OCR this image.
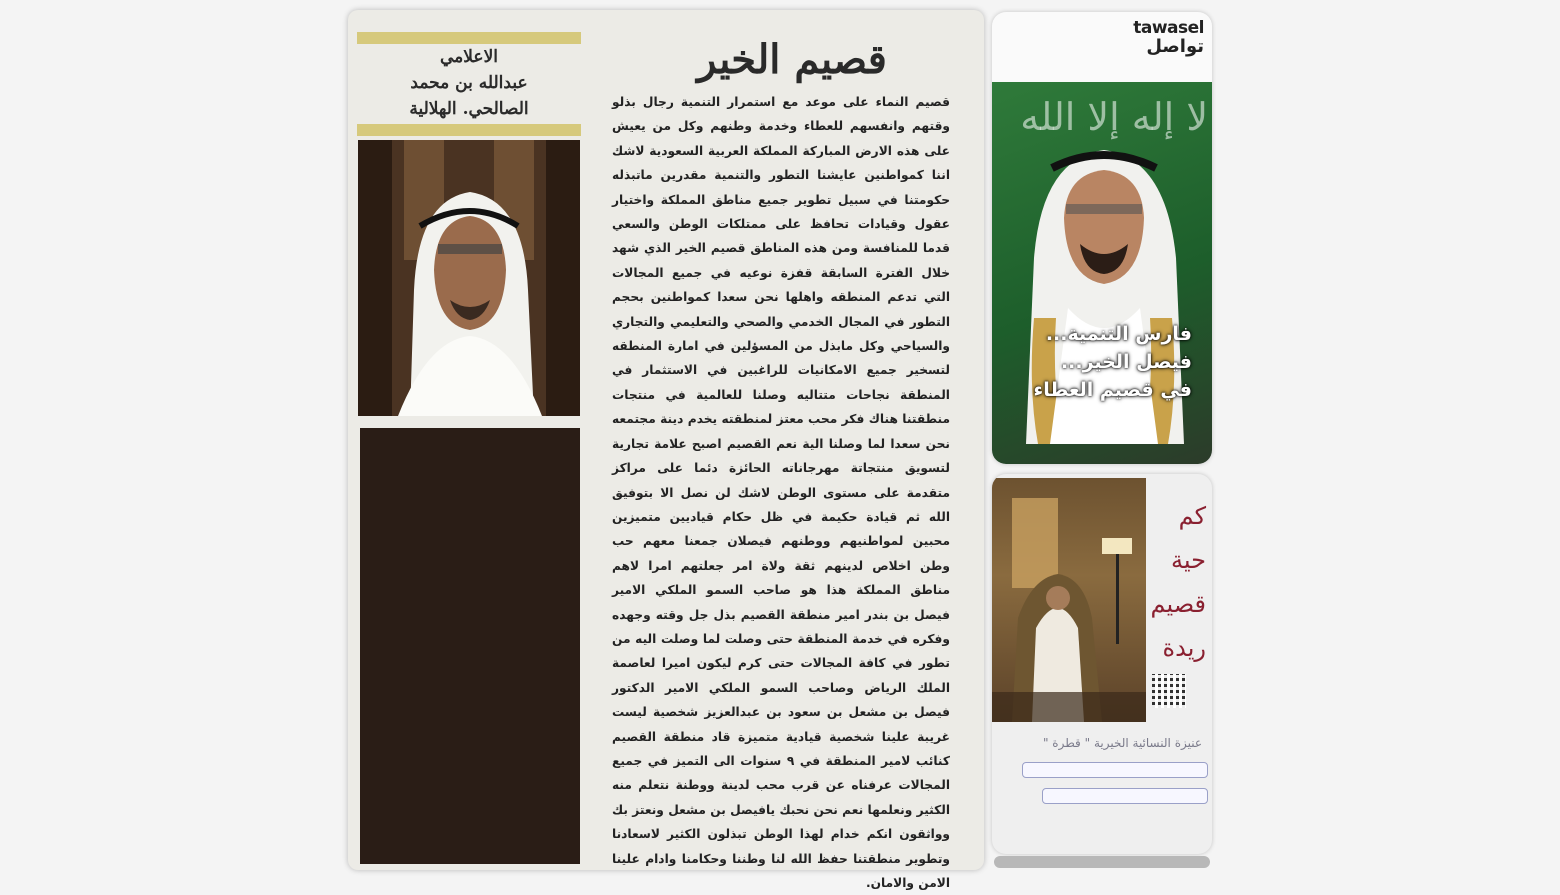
قصيم الخير

قصيم النماء على موعد مع استمرار التنمية رجال بذلو وقتهم وانفسهم للعطاء وخدمة وطنهم وكل من يعيش على هذه الارض المباركة المملكة العربية السعودية لاشك اننا كمواطنين عايشنا التطور والتنمية مقدرين ماتبذله حكومتنا في سبيل تطوير جميع مناطق المملكة واختيار عقول وقيادات تحافظ على ممتلكات الوطن والسعي قدما للمنافسة ومن هذه المناطق قصيم الخير الذي شهد خلال الفترة السابقة قفزة نوعيه في جميع المجالات التي تدعم المنطقه واهلها نحن سعدا كمواطنين بحجم التطور في المجال الخدمي والصحي والتعليمي والتجاري والسياحي وكل مابذل من المسؤلين في امارة المنطقه لتسخير جميع الامكانيات للراغبين في الاستثمار في المنطقة نجاحات متتاليه وصلنا للعالمية في منتجات منطقتنا هناك فكر محب معتز لمنطقته يخدم دينة مجتمعه نحن سعدا لما وصلنا الية نعم القصيم اصبح علامة تجارية لتسويق منتجاتة مهرجاناته الحائزة دئما على مراكز متقدمة على مستوى الوطن لاشك لن نصل الا بتوفيق الله ثم قيادة حكيمة في ظل حكام قياديين متميزين محبين لمواطنيهم ووطنهم فيصلان جمعنا معهم حب وطن اخلاص لدينهم ثقة ولاة امر جعلتهم امرا لاهم مناطق المملكة هذا هو صاحب السمو الملكي الامير فيصل بن بندر امير منطقة القصيم بذل جل وقته وجهده وفكره في خدمة المنطقة حتى وصلت لما وصلت اليه من تطور في كافة المجالات حتى كرم ليكون اميرا لعاصمة الملك الرياض وصاحب السمو الملكي الامير الدكتور فيصل بن مشعل بن سعود بن عبدالعزيز شخصية ليست غريبة علينا شخصية قيادية متميزة قاد منطقة القصيم كنائب لامير المنطقة في ٩ سنوات الى التميز في جميع المجالات عرفناه عن قرب محب لدينة ووطنة نتعلم منه الكثير ونعلمها نعم نحن نحبك يافيصل بن مشعل ونعتز بك وواثقون انكم خدام لهذا الوطن تبذلون الكثير لاسعادنا وتطوير منطقتنا حفظ الله لنا وطننا وحكامنا وادام علينا الامن والامان.

الاعلامي
عبدالله بن محمد
الصالحي. الهلالية
tawasel
تواصل
لا إله إلا الله
فارس التنمية...
فيصل الخير...
في قصيم العطاء
كم
حية
قصيم
ريدة
عنيزة النسائية الخيرية " قطرة "
